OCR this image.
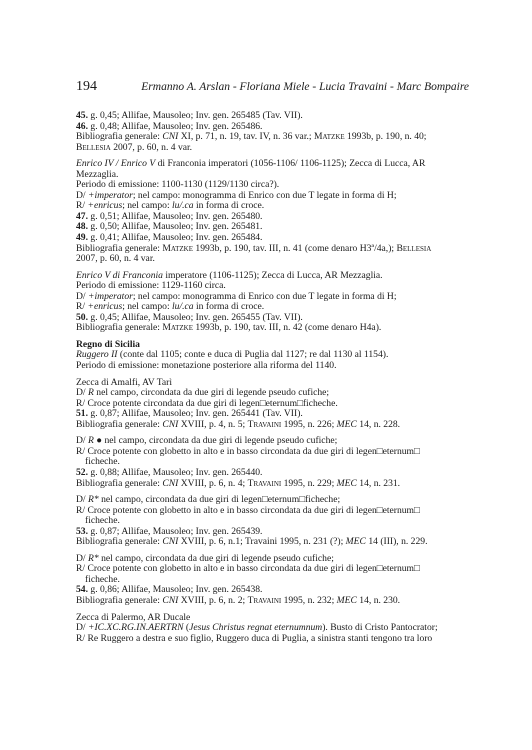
194	Ermanno A. Arslan - Floriana Miele - Lucia Travaini - Marc Bompaire
45. g. 0,45; Allifae, Mausoleo; Inv. gen. 265485 (Tav. VII).
46. g. 0,48; Allifae, Mausoleo; Inv. gen. 265486.
Bibliografia generale: CNI XI, p. 71, n. 19, tav. IV, n. 36 var.; Matzke 1993b, p. 190, n. 40;
Bellesia 2007, p. 60, n. 4 var.
Enrico IV / Enrico V di Franconia imperatori (1056-1106/ 1106-1125); Zecca di Lucca, AR
Mezzaglia.
Periodo di emissione: 1100-1130 (1129/1130 circa?).
D/ +imperator; nel campo: monogramma di Enrico con due T legate in forma di H;
R/ +enricus; nel campo: lu/.ca in forma di croce.
47. g. 0,51; Allifae, Mausoleo; Inv. gen. 265480.
48. g. 0,50; Allifae, Mausoleo; Inv. gen. 265481.
49. g. 0,41; Allifae, Mausoleo; Inv. gen. 265484.
Bibliografia generale: Matzke 1993b, p. 190, tav. III, n. 41 (come denaro H3ª/4a,); Bellesia
2007, p. 60, n. 4 var.
Enrico V di Franconia imperatore (1106-1125); Zecca di Lucca, AR Mezzaglia.
Periodo di emissione: 1129-1160 circa.
D/ +imperator; nel campo: monogramma di Enrico con due T legate in forma di H;
R/ +enricus; nel campo: lu/.ca in forma di croce.
50. g. 0,45; Allifae, Mausoleo; Inv. gen. 265455 (Tav. VII).
Bibliografia generale: Matzke 1993b, p. 190, tav. III, n. 42 (come denaro H4a).
Regno di Sicilia
Ruggero II (conte dal 1105; conte e duca di Puglia dal 1127; re dal 1130 al 1154).
Periodo di emissione: monetazione posteriore alla riforma del 1140.
Zecca di Amalfi, AV Tarì
D/ R nel campo, circondata da due giri di legende pseudo cufiche;
R/ Croce potente circondata da due giri di legen□eternum□ficheche.
51. g. 0,87; Allifae, Mausoleo; Inv. gen. 265441 (Tav. VII).
Bibliografia generale: CNI XVIII, p. 4, n. 5; Travaini 1995, n. 226; MEC 14, n. 228.
D/ R ● nel campo, circondata da due giri di legende pseudo cufiche;
R/ Croce potente con globetto in alto e in basso circondata da due giri di legen□eternum□
ficheche.
52. g. 0,88; Allifae, Mausoleo; Inv. gen. 265440.
Bibliografia generale: CNI XVIII, p. 6, n. 4; Travaini 1995, n. 229; MEC 14, n. 231.
D/ R* nel campo, circondata da due giri di legen□eternum□ficheche;
R/ Croce potente con globetto in alto e in basso circondata da due giri di legen□eternum□
ficheche.
53. g. 0,87; Allifae, Mausoleo; Inv. gen. 265439.
Bibliografia generale: CNI XVIII, p. 6, n.1; Travaini 1995, n. 231 (?); MEC 14 (III), n. 229.
D/ R* nel campo, circondata da due giri di legende pseudo cufiche;
R/ Croce potente con globetto in alto e in basso circondata da due giri di legen□eternum□
ficheche.
54. g. 0,86; Allifae, Mausoleo; Inv. gen. 265438.
Bibliografia generale: CNI XVIII, p. 6, n. 2; Travaini 1995, n. 232; MEC 14, n. 230.
Zecca di Palermo, AR Ducale
D/ +IC.XC.RG.IN.AERTRN (Jesus Christus regnat eternumnum). Busto di Cristo Pantocrator;
R/ Re Ruggero a destra e suo figlio, Ruggero duca di Puglia, a sinistra stanti tengono tra loro
